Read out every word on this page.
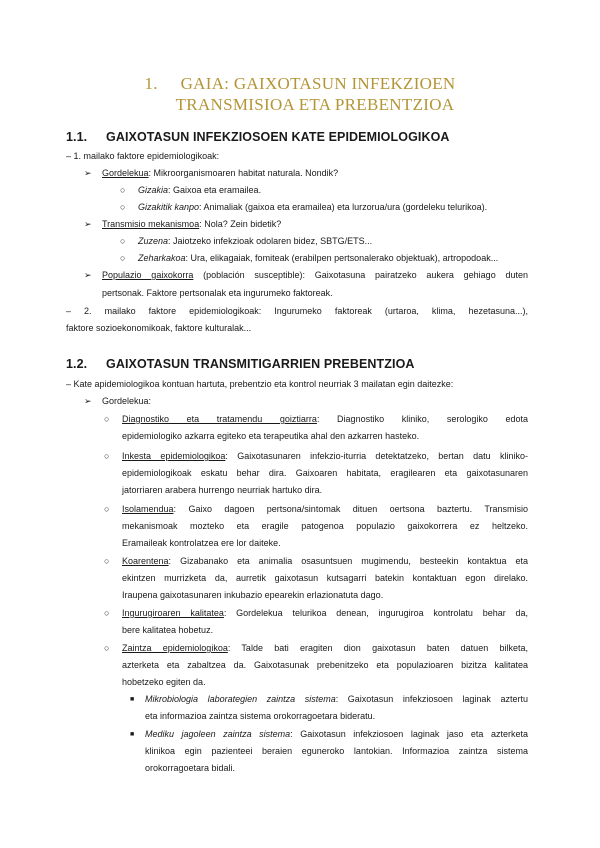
1. GAIA: GAIXOTASUN INFEKZIOEN
TRANSMISIOA ETA PREBENTZIOA
1.1. GAIXOTASUN INFEKZIOSOEN KATE EPIDEMIOLOGIKOA
– 1. mailako faktore epidemiologikoak:
➢ Gordelekua: Mikroorganismoaren habitat naturala. Nondik?
○ Gizakia: Gaixoa eta eramailea.
○ Gizakitik kanpo: Animaliak (gaixoa eta eramailea) eta lurzorua/ura (gordeleku telurikoa).
➢ Transmisio mekanismoa: Nola? Zein bidetik?
○ Zuzena: Jaiotzeko infekzioak odolaren bidez, SBTG/ETS...
○ Zeharkakoa: Ura, elikagaiak, fomiteak (erabilpen pertsonalerako objektuak), artropodoak...
➢ Populazio gaixokorra (población susceptible): Gaixotasuna pairatzeko aukera gehiago duten
pertsonak. Faktore pertsonalak eta ingurumeko faktoreak.
– 2. mailako faktore epidemiologikoak: Ingurumeko faktoreak (urtaroa, klima, hezetasuna...),
faktore sozioekonomikoak, faktore kulturalak...
1.2. GAIXOTASUN TRANSMITIGARRIEN PREBENTZIOA
– Kate apidemiologikoa kontuan hartuta, prebentzio eta kontrol neurriak 3 mailatan egin daitezke:
➢ Gordelekua:
○ Diagnostiko eta tratamendu goiztiarra: Diagnostiko kliniko, serologiko edota
epidemiologiko azkarra egiteko eta terapeutika ahal den azkarren hasteko.
○ Inkesta epidemiologikoa: Gaixotasunaren infekzio-iturria detektatzeko, bertan datu kliniko-
epidemiologikoak eskatu behar dira. Gaixoaren habitata, eragilearen eta gaixotasunaren
jatorriaren arabera hurrengo neurriak hartuko dira.
○ Isolamendua: Gaixo dagoen pertsona/sintomak dituen oertsona baztertu. Transmisio
mekanismoak mozteko eta eragile patogenoa populazio gaixokorrera ez heltzeko.
Eramaileak kontrolatzea ere lor daiteke.
○ Koarentena: Gizabanako eta animalia osasuntsuen mugimendu, besteekin kontaktua eta
ekintzen murrizketa da, aurretik gaixotasun kutsagarri batekin kontaktuan egon direlako.
Iraupena gaixotasunaren inkubazio epearekin erlazionatuta dago.
○ Ingurugiroaren kalitatea: Gordelekua telurikoa denean, ingurugiroa kontrolatu behar da,
bere kalitatea hobetuz.
○ Zaintza epidemiologikoa: Talde bati eragiten dion gaixotasun baten datuen bilketa,
azterketa eta zabaltzea da. Gaixotasunak prebenitzeko eta populazioaren bizitza kalitatea
hobetzeko egiten da.
■ Mikrobiologia laborategien zaintza sistema: Gaixotasun infekziosoen laginak aztertu
eta informazioa zaintza sistema orokorragoetara bideratu.
■ Mediku jagoleen zaintza sistema: Gaixotasun infekziosoen laginak jaso eta azterketa
klinikoa egin pazienteei beraien eguneroko lantokian. Informazioa zaintza sistema
orokorragoetara bidali.
